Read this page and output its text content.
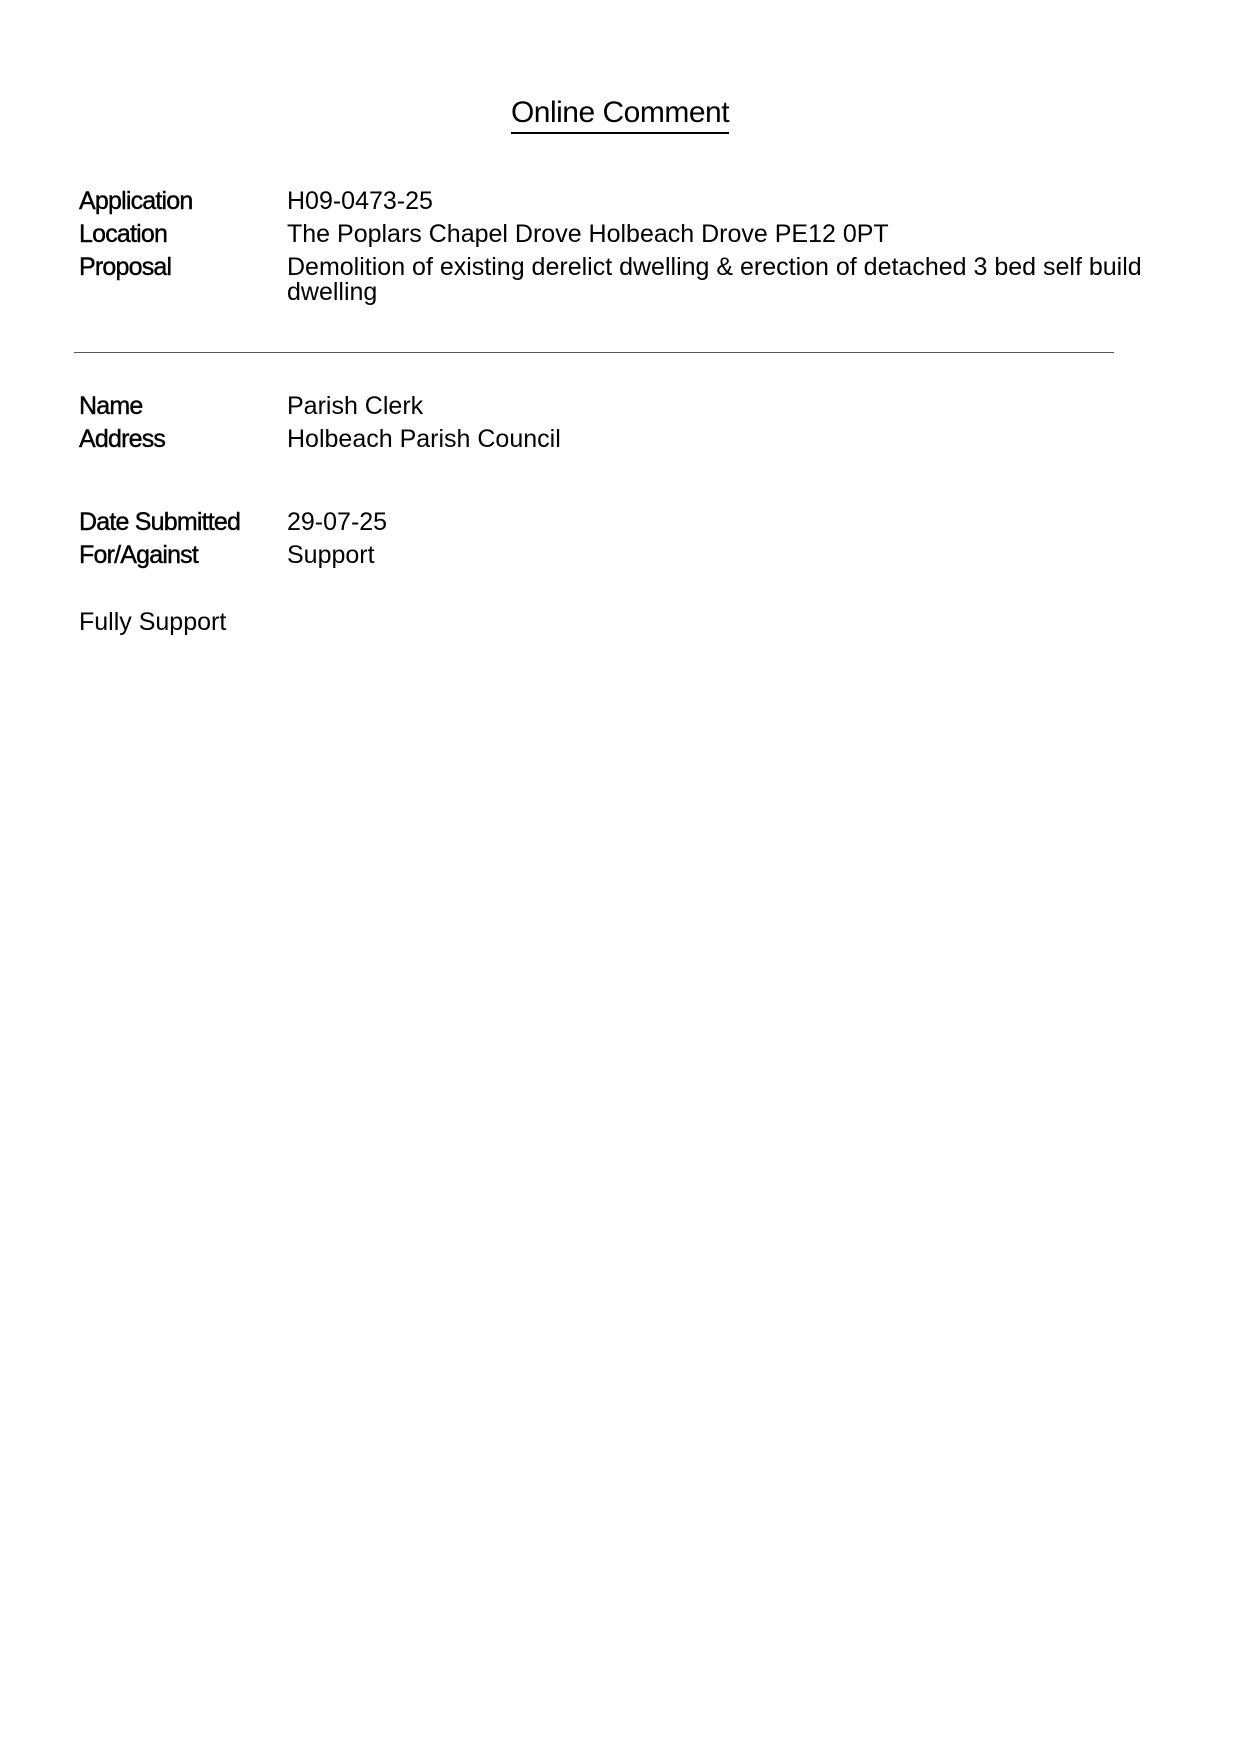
Online Comment
Application	H09-0473-25
Location	The Poplars Chapel Drove Holbeach Drove PE12 0PT
Proposal	Demolition of existing derelict dwelling & erection of detached 3 bed self build dwelling
Name	Parish Clerk
Address	Holbeach Parish Council
Date Submitted 29-07-25
For/Against	Support
Fully Support
